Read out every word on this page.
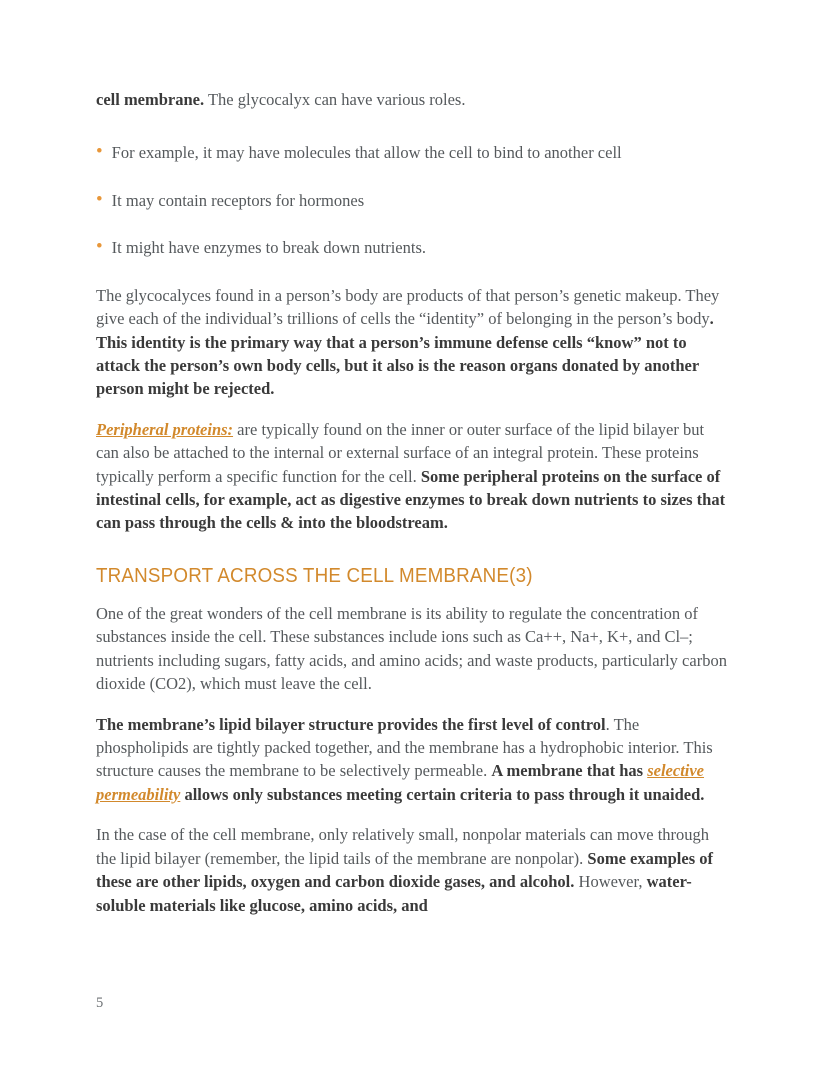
cell membrane. The glycocalyx can have various roles.

• For example, it may have molecules that allow the cell to bind to another cell
• It may contain receptors for hormones
• It might have enzymes to break down nutrients.

The glycocalyces found in a person’s body are products of that person’s genetic makeup. They give each of the individual’s trillions of cells the “identity” of belonging in the person’s body. This identity is the primary way that a person’s immune defense cells “know” not to attack the person’s own body cells, but it also is the reason organs donated by another person might be rejected.

Peripheral proteins: are typically found on the inner or outer surface of the lipid bilayer but can also be attached to the internal or external surface of an integral protein. These proteins typically perform a specific function for the cell. Some peripheral proteins on the surface of intestinal cells, for example, act as digestive enzymes to break down nutrients to sizes that can pass through the cells & into the bloodstream.

TRANSPORT ACROSS THE CELL MEMBRANE(3)

One of the great wonders of the cell membrane is its ability to regulate the concentration of substances inside the cell. These substances include ions such as Ca++, Na+, K+, and Cl–; nutrients including sugars, fatty acids, and amino acids; and waste products, particularly carbon dioxide (CO2), which must leave the cell.

The membrane’s lipid bilayer structure provides the first level of control. The phospholipids are tightly packed together, and the membrane has a hydrophobic interior. This structure causes the membrane to be selectively permeable. A membrane that has selective permeability allows only substances meeting certain criteria to pass through it unaided.

In the case of the cell membrane, only relatively small, nonpolar materials can move through the lipid bilayer (remember, the lipid tails of the membrane are nonpolar). Some examples of these are other lipids, oxygen and carbon dioxide gases, and alcohol. However, water-soluble materials like glucose, amino acids, and

5
